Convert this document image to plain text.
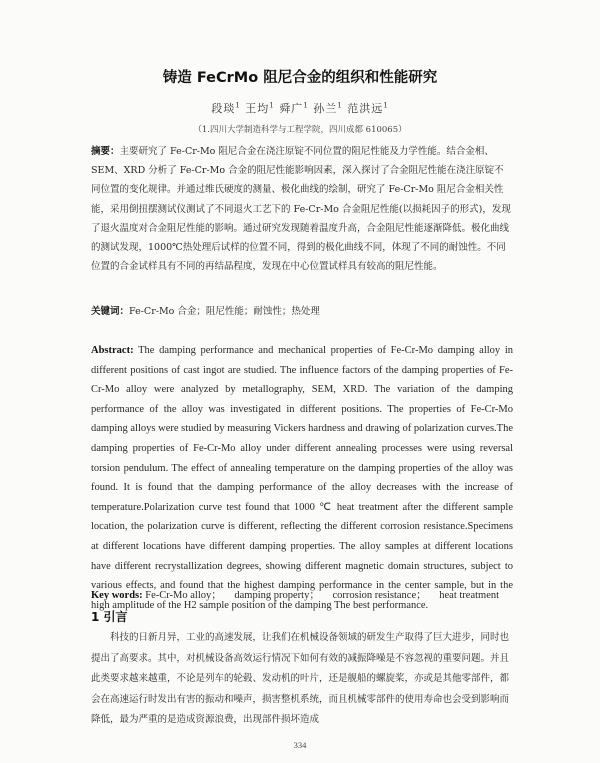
铸造 FeCrMo 阻尼合金的组织和性能研究
段琰$^1$ 王均$^1$ 舜广$^1$ 孙兰$^1$ 范洪远$^1$
（1.四川大学制造科学与工程学院，四川成都 610065）
摘要：主要研究了 Fe-Cr-Mo 阻尼合金在浇注原锭不同位置的阻尼性能及力学性能。结合金相、SEM、XRD 分析了 Fe-Cr-Mo 合金的阻尼性能影响因素，深入探讨了合金阻尼性能在浇注原锭不同位置的变化规律。并通过维氏硬度的测量、极化曲线的绘制，研究了 Fe-Cr-Mo 阻尼合金相关性能，采用倒扭摆测试仪测试了不同退火工艺下的 Fe-Cr-Mo 合金阻尼性能(以损耗因子的形式)，发现了退火温度对合金阻尼性能的影响。通过研究发现随着温度升高，合金阻尼性能逐渐降低。极化曲线的测试发现，1000℃热处理后试样的位置不同，得到的极化曲线不同，体现了不同的耐蚀性。不同位置的合金试样具有不同的再结晶程度，发现在中心位置试样具有较高的阻尼性能。
关键词：Fe-Cr-Mo 合金；阻尼性能；耐蚀性；热处理
Abstract: The damping performance and mechanical properties of Fe-Cr-Mo damping alloy in different positions of cast ingot are studied. The influence factors of the damping properties of Fe-Cr-Mo alloy were analyzed by metallography, SEM, XRD. The variation of the damping performance of the alloy was investigated in different positions. The properties of Fe-Cr-Mo damping alloys were studied by measuring Vickers hardness and drawing of polarization curves.The damping properties of Fe-Cr-Mo alloy under different annealing processes were using reversal torsion pendulum. The effect of annealing temperature on the damping properties of the alloy was found. It is found that the damping performance of the alloy decreases with the increase of temperature.Polarization curve test found that 1000 ℃ heat treatment after the different sample location, the polarization curve is different, reflecting the different corrosion resistance.Specimens at different locations have different damping properties. The alloy samples at different locations have different recrystallization degrees, showing different magnetic domain structures, subject to various effects, and found that the highest damping performance in the center sample, but in the high amplitude of the H2 sample position of the damping The best performance.
Key words: Fe-Cr-Mo alloy； damping property； corrosion resistance； heat treatment
1 引言
科技的日新月异，工业的高速发展，让我们在机械设备领域的研发生产取得了巨大进步，同时也提出了高要求。其中，对机械设备高效运行情况下如何有效的减振降噪是不容忽视的重要问题。并且此类要求越来越重，不论是列车的轮毂、发动机的叶片，还是舰船的螺旋桨，亦或是其他零部件，都会在高速运行时发出有害的振动和噪声，损害整机系统，而且机械零部件的使用寿命也会受到影响而降低，最为严重的是造成资源浪费，出现部件损坏造成
334
